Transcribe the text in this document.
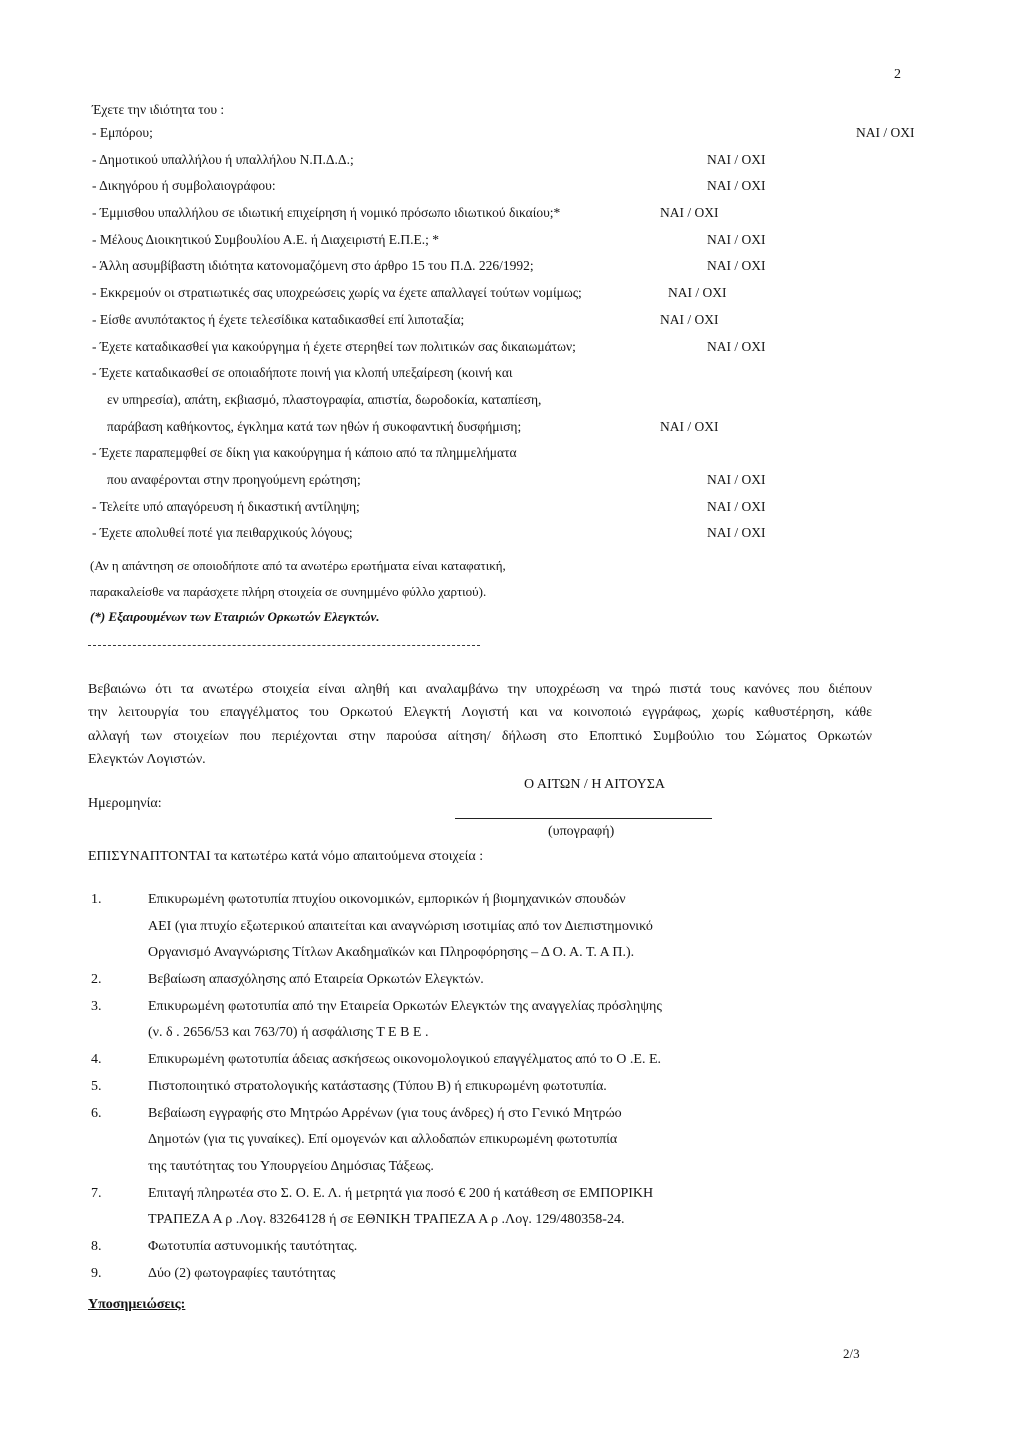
2
Έχετε την ιδιότητα του :
- Εμπόρου;	ΝΑΙ / ΟΧΙ
- Δημοτικού υπαλλήλου ή υπαλλήλου Ν.Π.Δ.Δ.;	ΝΑΙ / ΟΧΙ
- Δικηγόρου ή συμβολαιογράφου:	ΝΑΙ / ΟΧΙ
- Έμμισθου υπαλλήλου σε ιδιωτική επιχείρηση ή νομικό πρόσωπο ιδιωτικού δικαίου;*	ΝΑΙ / ΟΧΙ
- Μέλους Διοικητικού Συμβουλίου Α.Ε. ή Διαχειριστή Ε.Π.Ε.; *	ΝΑΙ / ΟΧΙ
- Άλλη ασυμβίβαστη ιδιότητα κατονομαζόμενη στο άρθρο 15 του Π.Δ. 226/1992;	ΝΑΙ / ΟΧΙ
- Εκκρεμούν οι στρατιωτικές σας υποχρεώσεις χωρίς να έχετε απαλλαγεί τούτων νομίμως;	ΝΑΙ / ΟΧΙ
- Είσθε ανυπότακτος ή έχετε τελεσίδικα καταδικασθεί επί λιποταξία;	ΝΑΙ / ΟΧΙ
- Έχετε καταδικασθεί για κακούργημα ή έχετε στερηθεί των πολιτικών σας δικαιωμάτων;	ΝΑΙ / ΟΧΙ
- Έχετε καταδικασθεί σε οποιαδήποτε ποινή για κλοπή υπεξαίρεση (κοινή και
εν υπηρεσία), απάτη, εκβιασμό, πλαστογραφία, απιστία, δωροδοκία, καταπίεση,
παράβαση καθήκοντος, έγκλημα κατά των ηθών ή συκοφαντική δυσφήμιση;	ΝΑΙ / ΟΧΙ
- Έχετε παραπεμφθεί σε δίκη για κακούργημα ή κάποιο από τα πλημμελήματα
που αναφέρονται στην προηγούμενη ερώτηση;	ΝΑΙ / ΟΧΙ
- Τελείτε υπό απαγόρευση ή δικαστική αντίληψη;	ΝΑΙ / ΟΧΙ
- Έχετε απολυθεί ποτέ για πειθαρχικούς λόγους;	ΝΑΙ / ΟΧΙ
(Αν η απάντηση σε οποιοδήποτε από τα ανωτέρω ερωτήματα είναι καταφατική,
παρακαλείσθε να παράσχετε πλήρη στοιχεία σε συνημμένο φύλλο χαρτιού).
(*) Εξαιρουμένων των Εταιριών Ορκωτών Ελεγκτών.
Βεβαιώνω ότι τα ανωτέρω στοιχεία είναι αληθή και αναλαμβάνω την υποχρέωση να τηρώ πιστά τους κανόνες που διέπουν
την λειτουργία του επαγγέλματος του Ορκωτού Ελεγκτή Λογιστή και να κοινοποιώ εγγράφως, χωρίς καθυστέρηση, κάθε
αλλαγή των στοιχείων που περιέχονται στην παρούσα αίτηση/ δήλωση στο Εποπτικό Συμβούλιο του Σώματος Ορκωτών
Ελεγκτών Λογιστών.
Ο ΑΙΤΩΝ / Η ΑΙΤΟΥΣΑ
Ημερομηνία:
(υπογραφή)
ΕΠΙΣΥΝΑΠΤΟΝΤΑΙ τα κατωτέρω κατά νόμο απαιτούμενα στοιχεία :
1.	Επικυρωμένη φωτοτυπία πτυχίου οικονομικών, εμπορικών ή βιομηχανικών σπουδών
ΑΕΙ (για πτυχίο εξωτερικού απαιτείται και αναγνώριση ισοτιμίας από τον Διεπιστημονικό
Οργανισμό Αναγνώρισης Τίτλων Ακαδημαϊκών και Πληροφόρησης – Δ Ο. Α. Τ. Α Π.).
2.	Βεβαίωση απασχόλησης από Εταιρεία Ορκωτών Ελεγκτών.
3.	Επικυρωμένη φωτοτυπία από την Εταιρεία Ορκωτών Ελεγκτών της αναγγελίας πρόσληψης
(ν. δ . 2656/53 και 763/70) ή ασφάλισης Τ Ε Β Ε .
4.	Επικυρωμένη φωτοτυπία άδειας ασκήσεως οικονομολογικού επαγγέλματος από το Ο .Ε. Ε.
5.	Πιστοποιητικό στρατολογικής κατάστασης (Τύπου Β) ή επικυρωμένη φωτοτυπία.
6.	Βεβαίωση εγγραφής στο Μητρώο Αρρένων (για τους άνδρες) ή στο Γενικό Μητρώο
Δημοτών (για τις γυναίκες). Επί ομογενών και αλλοδαπών επικυρωμένη φωτοτυπία
της ταυτότητας του Υπουργείου Δημόσιας Τάξεως.
7.	Επιταγή πληρωτέα στο Σ. Ο. Ε. Λ. ή μετρητά για ποσό € 200 ή κατάθεση σε ΕΜΠΟΡΙΚΗ
ΤΡΑΠΕΖΑ Α ρ .Λογ. 83264128 ή σε ΕΘΝΙΚΗ ΤΡΑΠΕΖΑ Α ρ .Λογ. 129/480358-24.
8.	Φωτοτυπία αστυνομικής ταυτότητας.
9.	Δύο (2) φωτογραφίες ταυτότητας
Υποσημειώσεις:
2/3
